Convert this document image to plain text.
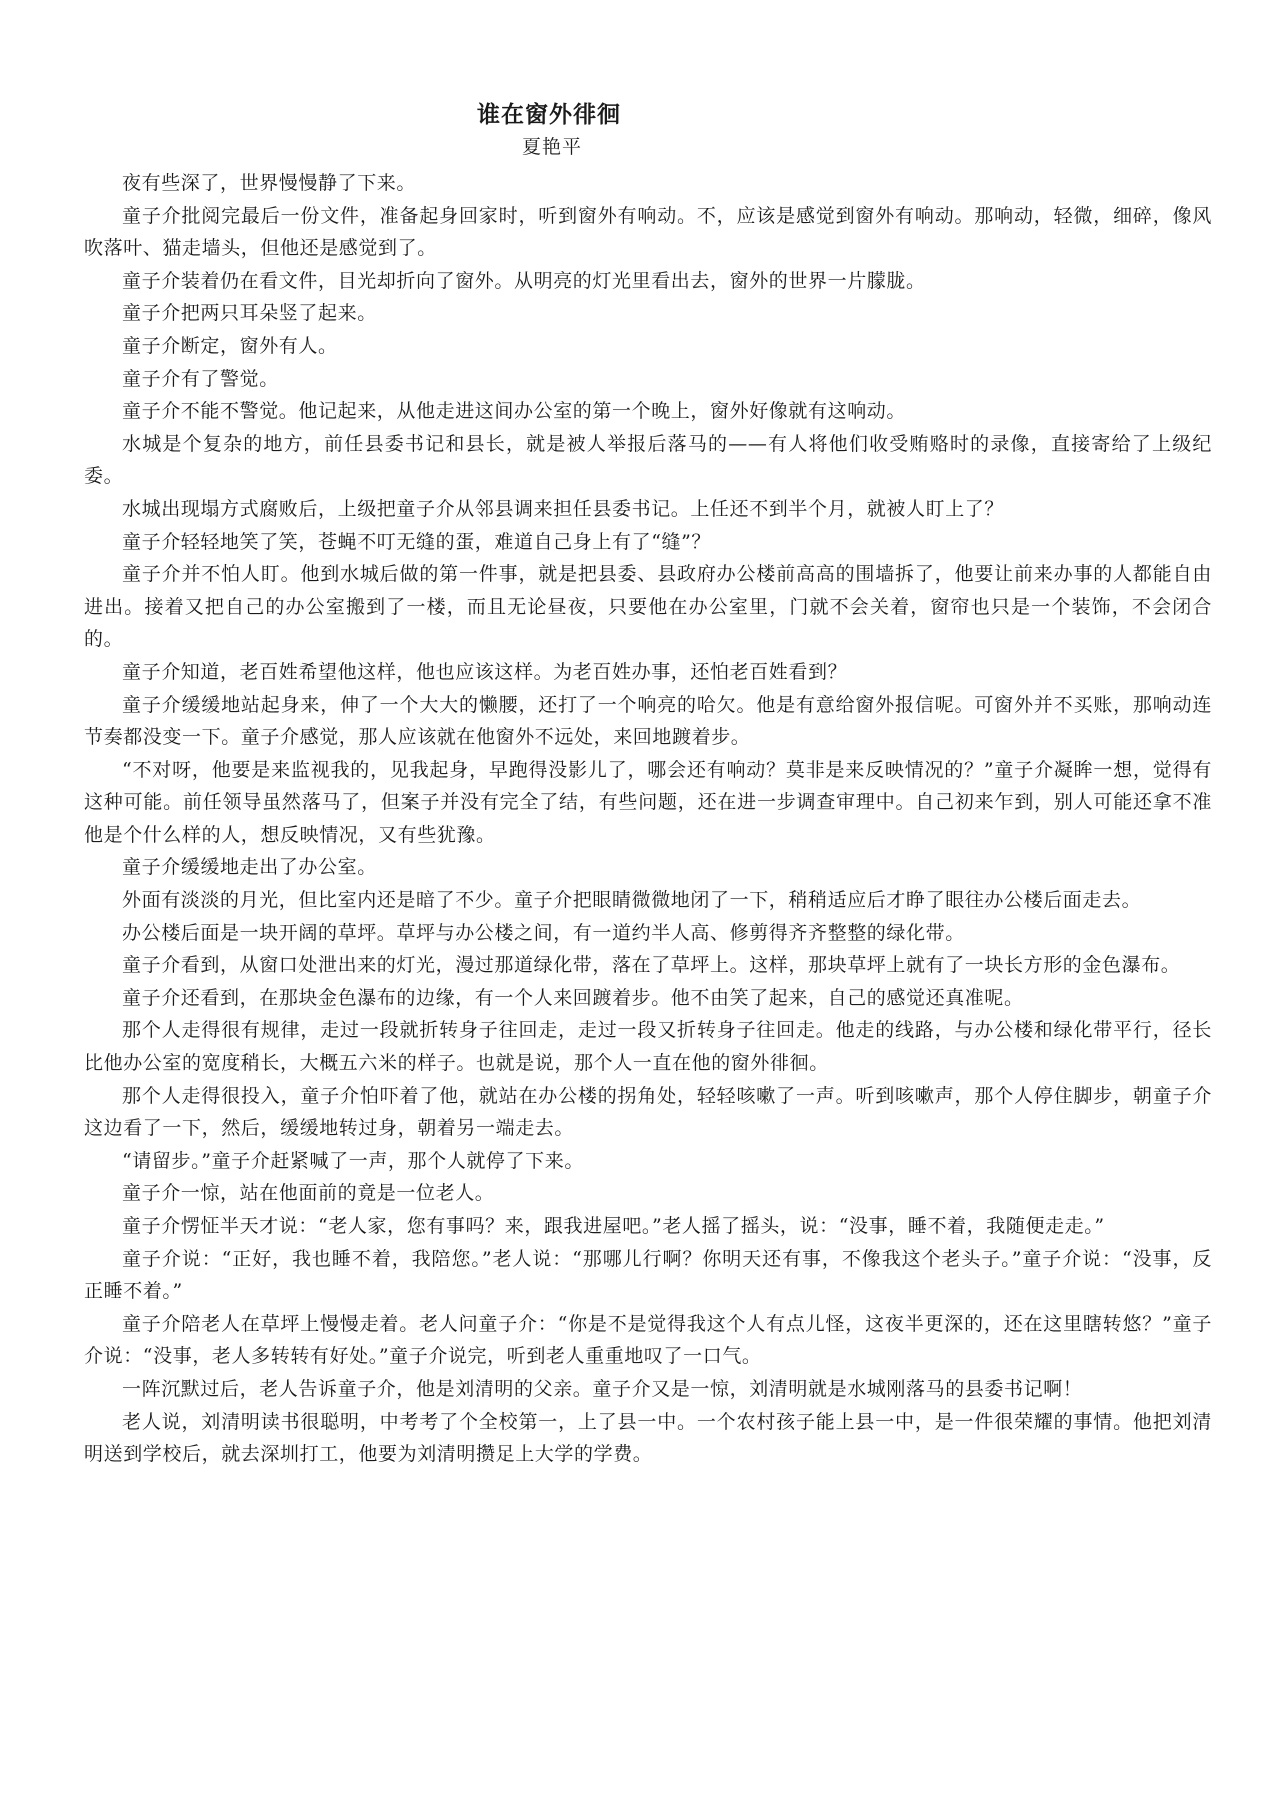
谁在窗外徘徊
夏艳平

夜有些深了，世界慢慢静了下来。

童子介批阅完最后一份文件，准备起身回家时，听到窗外有响动。不，应该是感觉到窗外有响动。那响动，轻微，细碎，像风吹落叶、猫走墙头，但他还是感觉到了。

童子介装着仍在看文件，目光却折向了窗外。从明亮的灯光里看出去，窗外的世界一片朦胧。

童子介把两只耳朵竖了起来。

童子介断定，窗外有人。

童子介有了警觉。

童子介不能不警觉。他记起来，从他走进这间办公室的第一个晚上，窗外好像就有这响动。

水城是个复杂的地方，前任县委书记和县长，就是被人举报后落马的——有人将他们收受贿赂时的录像，直接寄给了上级纪委。

水城出现塌方式腐败后，上级把童子介从邻县调来担任县委书记。上任还不到半个月，就被人盯上了？

童子介轻轻地笑了笑，苍蝇不叮无缝的蛋，难道自己身上有了“缝”？

童子介并不怕人盯。他到水城后做的第一件事，就是把县委、县政府办公楼前高高的围墙拆了，他要让前来办事的人都能自由进出。接着又把自己的办公室搬到了一楼，而且无论昼夜，只要他在办公室里，门就不会关着，窗帘也只是一个装饰，不会闭合的。

童子介知道，老百姓希望他这样，他也应该这样。为老百姓办事，还怕老百姓看到？

童子介缓缓地站起身来，伸了一个大大的懒腰，还打了一个响亮的哈欠。他是有意给窗外报信呢。可窗外并不买账，那响动连节奏都没变一下。童子介感觉，那人应该就在他窗外不远处，来回地踱着步。

“不对呀，他要是来监视我的，见我起身，早跑得没影儿了，哪会还有响动？莫非是来反映情况的？”童子介凝眸一想，觉得有这种可能。前任领导虽然落马了，但案子并没有完全了结，有些问题，还在进一步调查审理中。自己初来乍到，别人可能还拿不准他是个什么样的人，想反映情况，又有些犹豫。

童子介缓缓地走出了办公室。

外面有淡淡的月光，但比室内还是暗了不少。童子介把眼睛微微地闭了一下，稍稍适应后才睁了眼往办公楼后面走去。

办公楼后面是一块开阔的草坪。草坪与办公楼之间，有一道约半人高、修剪得齐齐整整的绿化带。

童子介看到，从窗口处泄出来的灯光，漫过那道绿化带，落在了草坪上。这样，那块草坪上就有了一块长方形的金色瀑布。

童子介还看到，在那块金色瀑布的边缘，有一个人来回踱着步。他不由笑了起来，自己的感觉还真准呢。

那个人走得很有规律，走过一段就折转身子往回走，走过一段又折转身子往回走。他走的线路，与办公楼和绿化带平行，径长比他办公室的宽度稍长，大概五六米的样子。也就是说，那个人一直在他的窗外徘徊。

那个人走得很投入，童子介怕吓着了他，就站在办公楼的拐角处，轻轻咳嗽了一声。听到咳嗽声，那个人停住脚步，朝童子介这边看了一下，然后，缓缓地转过身，朝着另一端走去。

“请留步。”童子介赶紧喊了一声，那个人就停了下来。

童子介一惊，站在他面前的竟是一位老人。

童子介愣怔半天才说：“老人家，您有事吗？来，跟我进屋吧。”老人摇了摇头，说：“没事，睡不着，我随便走走。”

童子介说：“正好，我也睡不着，我陪您。”老人说：“那哪儿行啊？你明天还有事，不像我这个老头子。”童子介说：“没事，反正睡不着。”

童子介陪老人在草坪上慢慢走着。老人问童子介：“你是不是觉得我这个人有点儿怪，这夜半更深的，还在这里瞎转悠？”童子介说：“没事，老人多转转有好处。”童子介说完，听到老人重重地叹了一口气。

一阵沉默过后，老人告诉童子介，他是刘清明的父亲。童子介又是一惊，刘清明就是水城刚落马的县委书记啊！

老人说，刘清明读书很聪明，中考考了个全校第一，上了县一中。一个农村孩子能上县一中，是一件很荣耀的事情。他把刘清明送到学校后，就去深圳打工，他要为刘清明攒足上大学的学费。
